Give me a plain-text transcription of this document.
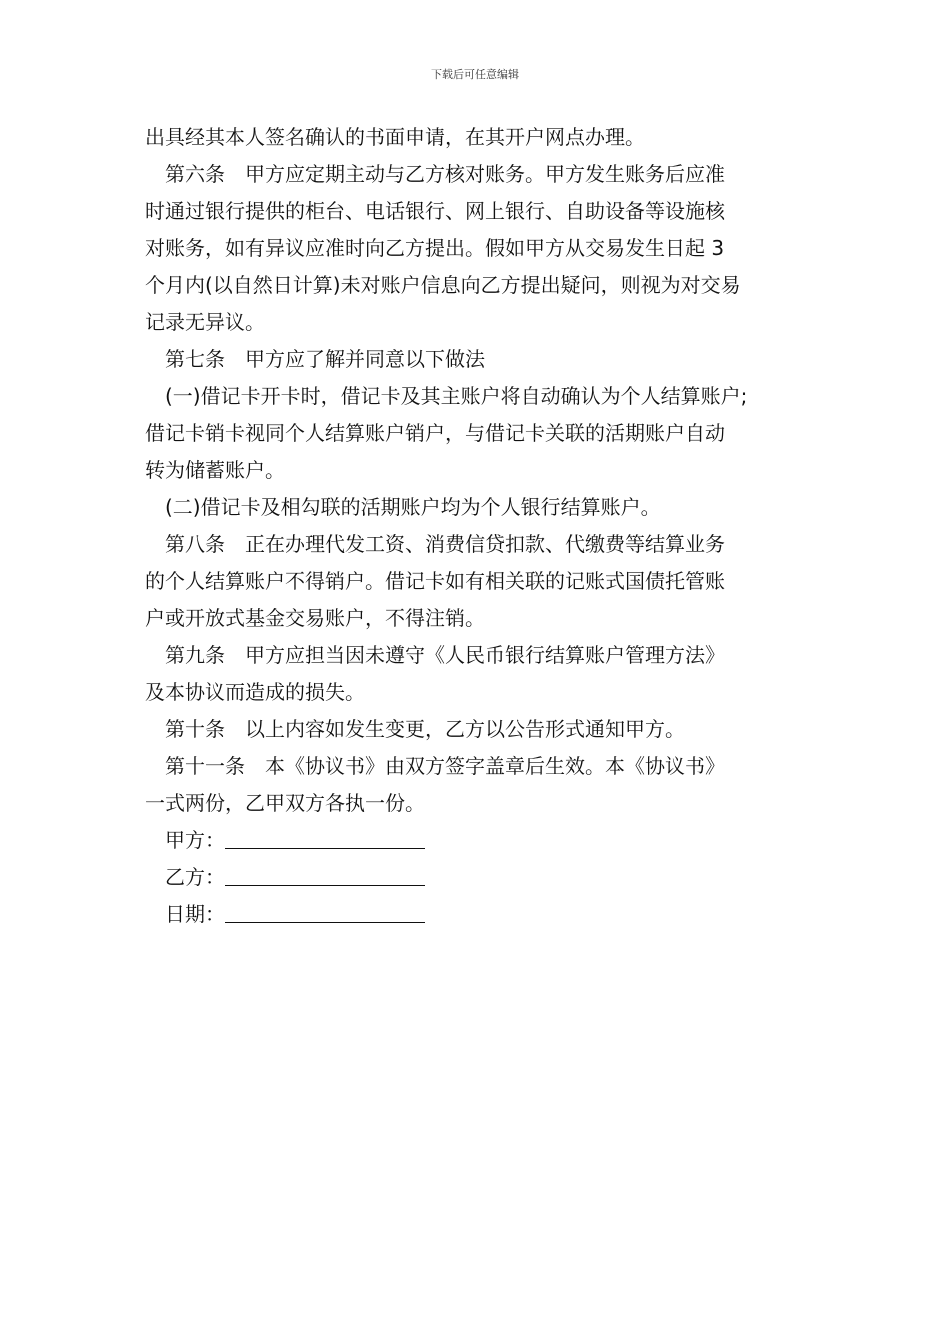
下载后可任意编辑
出具经其本人签名确认的书面申请，在其开户网点办理。
第六条　甲方应定期主动与乙方核对账务。甲方发生账务后应准
时通过银行提供的柜台、电话银行、网上银行、自助设备等设施核
对账务，如有异议应准时向乙方提出。假如甲方从交易发生日起 3
个月内(以自然日计算)未对账户信息向乙方提出疑问，则视为对交易
记录无异议。
第七条　甲方应了解并同意以下做法
(一)借记卡开卡时，借记卡及其主账户将自动确认为个人结算账户;
借记卡销卡视同个人结算账户销户，与借记卡关联的活期账户自动
转为储蓄账户。
(二)借记卡及相勾联的活期账户均为个人银行结算账户。
第八条　正在办理代发工资、消费信贷扣款、代缴费等结算业务
的个人结算账户不得销户。借记卡如有相关联的记账式国债托管账
户或开放式基金交易账户，不得注销。
第九条　甲方应担当因未遵守《人民币银行结算账户管理方法》
及本协议而造成的损失。
第十条　以上内容如发生变更，乙方以公告形式通知甲方。
第十一条　本《协议书》由双方签字盖章后生效。本《协议书》
一式两份，乙甲双方各执一份。
甲方：
乙方：
日期：
